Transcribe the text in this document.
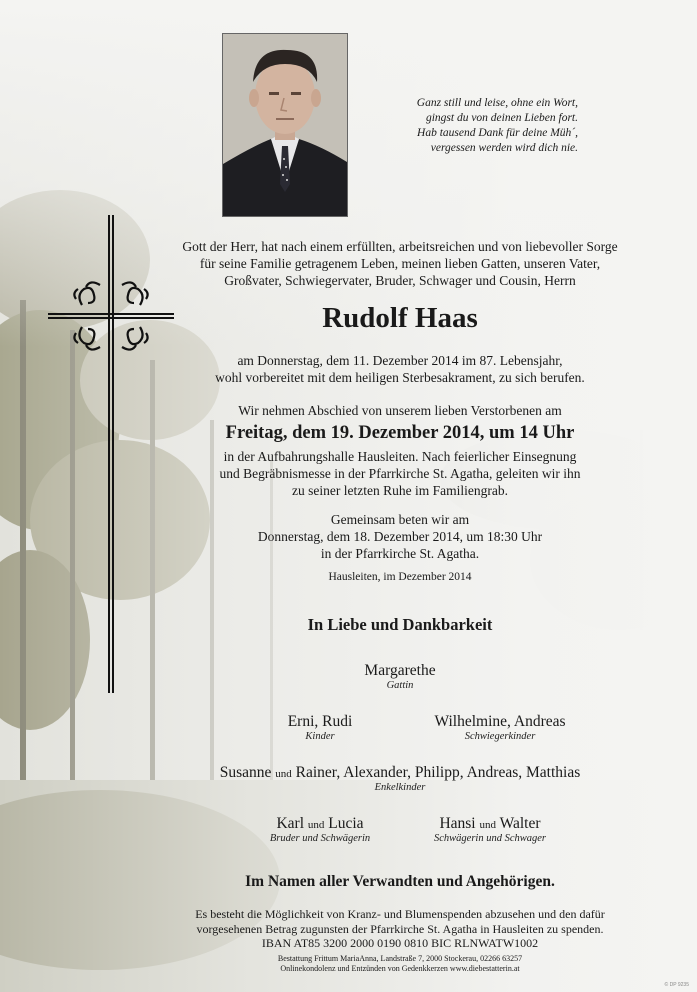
Ganz still und leise, ohne ein Wort,
gingst du von deinen Lieben fort.
Hab tausend Dank für deine Müh´,
vergessen werden wird dich nie.
Gott der Herr, hat nach einem erfüllten, arbeitsreichen und von liebevoller Sorge
für seine Familie getragenem Leben, meinen lieben Gatten, unseren Vater,
Großvater, Schwiegervater, Bruder, Schwager und Cousin, Herrn
Rudolf Haas
am Donnerstag, dem 11. Dezember 2014 im 87. Lebensjahr,
wohl vorbereitet mit dem heiligen Sterbesakrament, zu sich berufen.
Wir nehmen Abschied von unserem lieben Verstorbenen am
Freitag, dem 19. Dezember 2014, um 14 Uhr
in der Aufbahrungshalle Hausleiten. Nach feierlicher Einsegnung
und Begräbnismesse in der Pfarrkirche St. Agatha, geleiten wir ihn
zu seiner letzten Ruhe im Familiengrab.
Gemeinsam beten wir am
Donnerstag, dem 18. Dezember 2014, um 18:30 Uhr
in der Pfarrkirche St. Agatha.
Hausleiten, im Dezember 2014
In Liebe und Dankbarkeit
Margarethe
Gattin
Erni, Rudi
Kinder
Wilhelmine, Andreas
Schwiegerkinder
Susanne und Rainer, Alexander, Philipp, Andreas, Matthias
Enkelkinder
Karl und Lucia
Bruder und Schwägerin
Hansi und Walter
Schwägerin und Schwager
Im Namen aller Verwandten und Angehörigen.
Es besteht die Möglichkeit von Kranz- und Blumenspenden abzusehen und den dafür
vorgesehenen Betrag zugunsten der Pfarrkirche St. Agatha in Hausleiten zu spenden.
IBAN AT85 3200 2000 0190 0810 BIC RLNWATW1002
Bestattung Frittum MariaAnna, Landstraße 7, 2000 Stockerau, 02266 63257
Onlinekondolenz und Entzünden von Gedenkkerzen www.diebestatterin.at
© DP 9235
